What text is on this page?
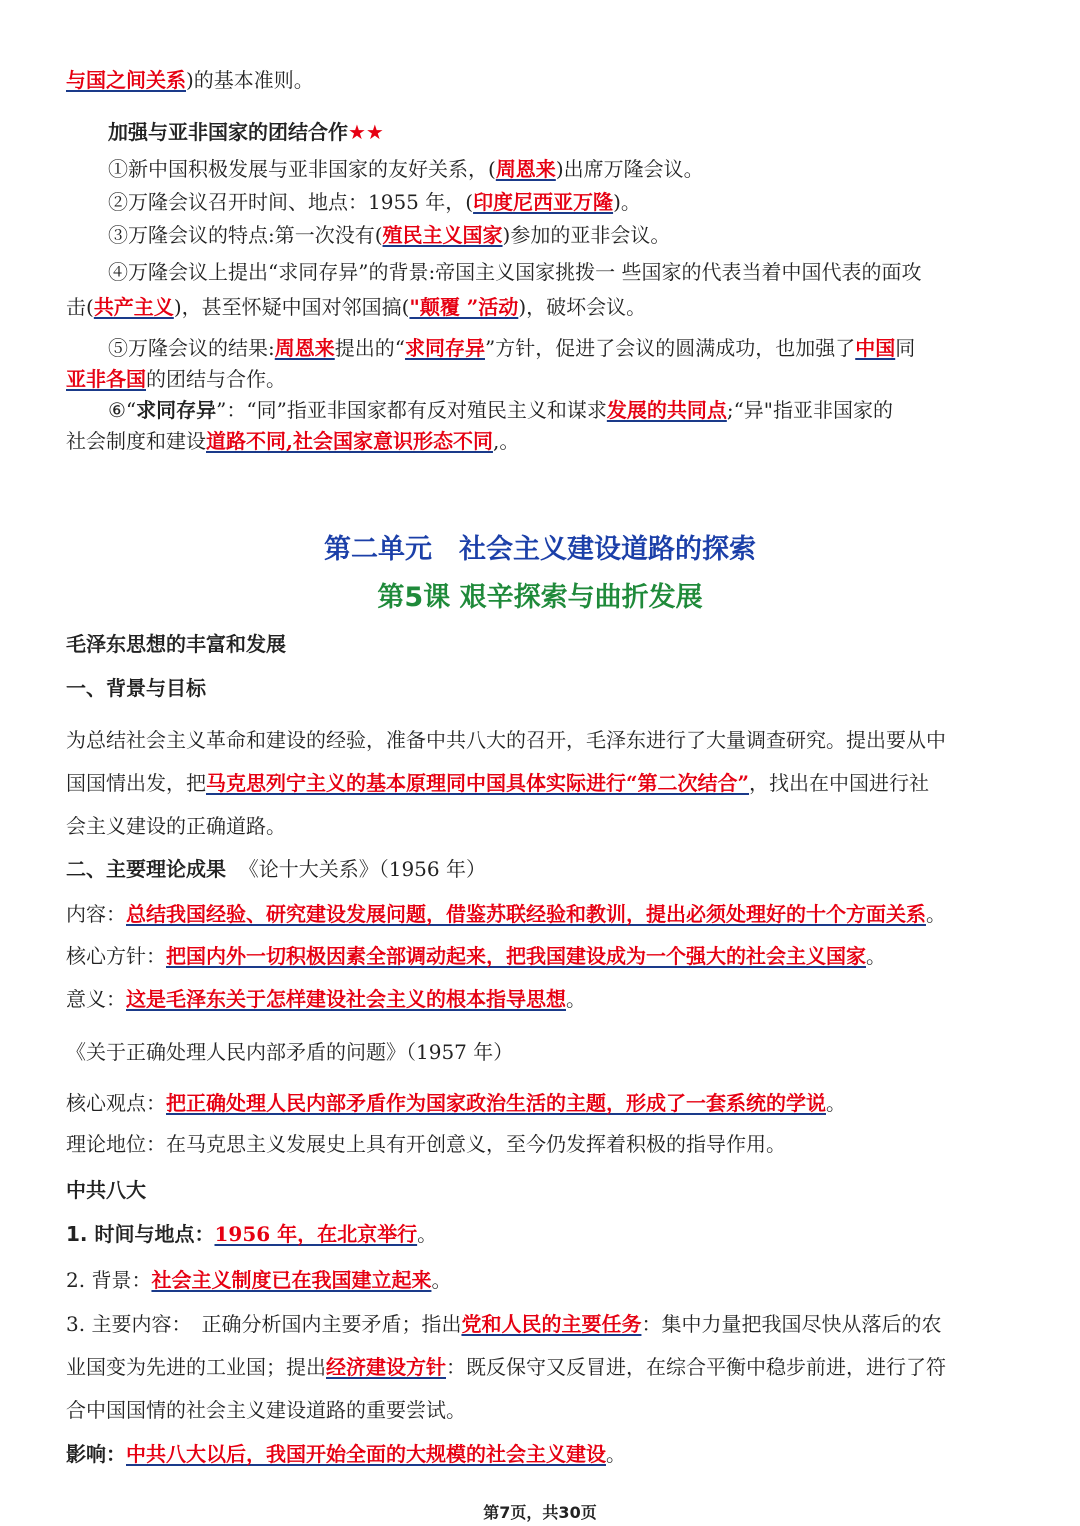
与国之间关系)的基本准则。
加强与亚非国家的团结合作★★
①新中国积极发展与亚非国家的友好关系，(周恩来)出席万隆会议。
②万隆会议召开时间、地点：1955 年，(印度尼西亚万隆)。
③万隆会议的特点:第一次没有(殖民主义国家)参加的亚非会议。
④万隆会议上提出“求同存异”的背景:帝国主义国家挑拨一 些国家的代表当着中国代表的面攻
击(共产主义)，甚至怀疑中国对邻国搞("颠覆 ”活动)，破坏会议。
⑤万隆会议的结果:周恩来提出的“求同存异”方针，促进了会议的圆满成功，也加强了中国同
亚非各国的团结与合作。
⑥“求同存异”：“同”指亚非国家都有反对殖民主义和谋求发展的共同点;“异"指亚非国家的
社会制度和建设道路不同,社会国家意识形态不同,。
第二单元　社会主义建设道路的探索
第5课 艰辛探索与曲折发展
毛泽东思想的丰富和发展
一、背景与目标
为总结社会主义革命和建设的经验，准备中共八大的召开，毛泽东进行了大量调查研究。提出要从中
国国情出发，把马克思列宁主义的基本原理同中国具体实际进行“第二次结合”，找出在中国进行社
会主义建设的正确道路。
二、主要理论成果 《论十大关系》（1956 年）
内容：总结我国经验、研究建设发展问题，借鉴苏联经验和教训，提出必须处理好的十个方面关系。
核心方针：把国内外一切积极因素全部调动起来，把我国建设成为一个强大的社会主义国家。
意义：这是毛泽东关于怎样建设社会主义的根本指导思想。
《关于正确处理人民内部矛盾的问题》（1957 年）
核心观点：把正确处理人民内部矛盾作为国家政治生活的主题，形成了一套系统的学说。
理论地位：在马克思主义发展史上具有开创意义，至今仍发挥着积极的指导作用。
中共八大
1. 时间与地点：1956 年，在北京举行。
2. 背景：社会主义制度已在我国建立起来。
3. 主要内容：　正确分析国内主要矛盾；指出党和人民的主要任务：集中力量把我国尽快从落后的农
业国变为先进的工业国；提出经济建设方针：既反保守又反冒进，在综合平衡中稳步前进，进行了符
合中国国情的社会主义建设道路的重要尝试。
影响：中共八大以后，我国开始全面的大规模的社会主义建设。
第7页，共30页
